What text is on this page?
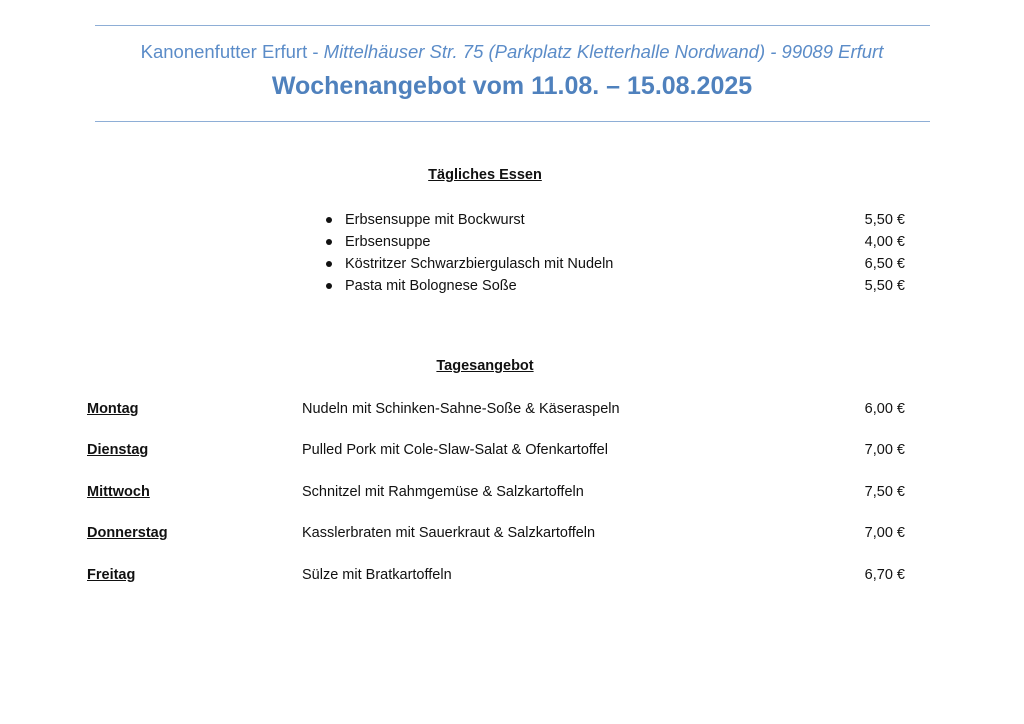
Kanonenfutter Erfurt - Mittelhäuser Str. 75 (Parkplatz Kletterhalle Nordwand) - 99089 Erfurt
Wochenangebot vom 11.08. – 15.08.2025
Tägliches Essen
Erbsensuppe mit Bockwurst	5,50 €
Erbsensuppe	4,00 €
Köstritzer Schwarzbiergulasch mit Nudeln	6,50 €
Pasta mit Bolognese Soße	5,50 €
Tagesangebot
Montag	Nudeln mit Schinken-Sahne-Soße & Käseraspeln	6,00 €
Dienstag	Pulled Pork mit Cole-Slaw-Salat & Ofenkartoffel	7,00 €
Mittwoch	Schnitzel mit Rahmgemüse & Salzkartoffeln	7,50 €
Donnerstag	Kasslerbraten mit Sauerkraut & Salzkartoffeln	7,00 €
Freitag	Sülze mit Bratkartoffeln	6,70 €
